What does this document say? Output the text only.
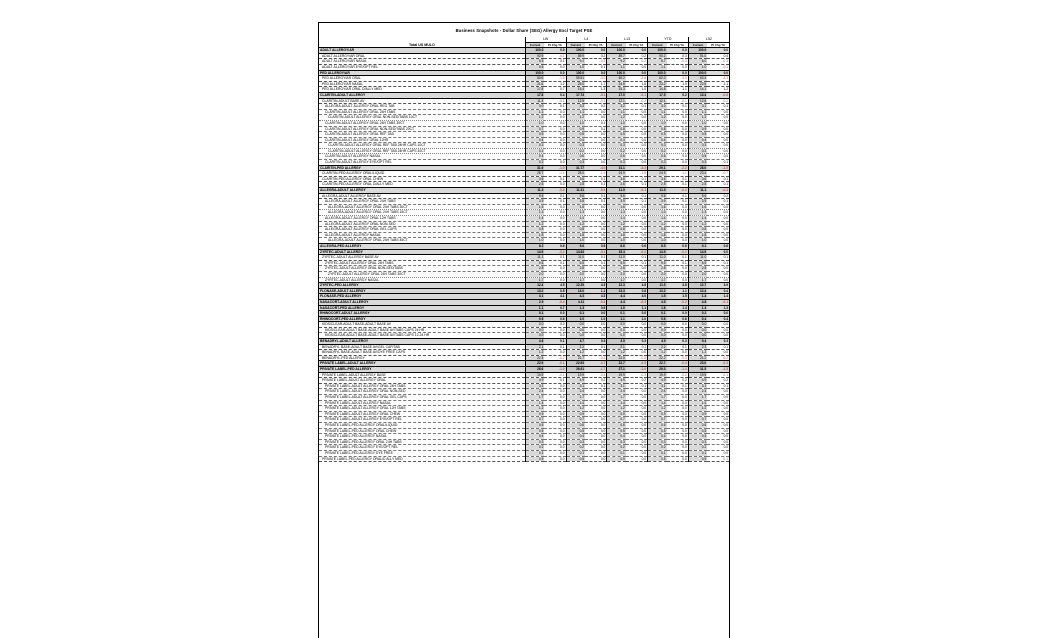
Business Snapshots - Dollar Share (SEG) Allergy Excl Target PSE
Total US MULO	LW		L4		L13		YTD		L52	
	Current	Pt Chg YA	Current	Pt Chg YA	Current	Pt Chg YA	Current	Pt Chg YA	Current	Pt Chg YA
ADULT ALLERGY/AR	100.0	0.0	100.0	0.0	100.0	0.0	100.0	0.0	100.0	0.0
ADULT ALLERGY/AR ORAL	92.9	-0.1	89.9	0.2	89.7	0.2	90.2	0.3	91.0	0.4
ADULT ALLERGY/AR NASAL	6.5	0.1	9.1	-0.3	9.2	-0.2	8.7	-0.3	8.0	-0.3
ADULT ALLERGY/AR EYE/OPT REL	0.6	0.0	1.0	0.1	1.1	0.0	1.1	0.0	1.0	-0.1
PED ALLERGY/AR	100.0	0.0	100.0	0.0	100.0	0.0	100.0	0.0	100.0	0.0
PED ALLERGY/AR ORAL	60.6	-1.9	59.61	-3.0	60.2	-2.6	62.0	-3.0	63.4	-3.3
PED ALLERGY/AR NASAL	21.6	1.2	25.0	1.7	24.5	1.6	23.2	1.9	22.5	2.1
PED ALLERGY/AR ORAL D/ALLY MED	17.8	0.7	15.4	1.3	15.3	1.0	14.8	1.1	14.1	1.2
CLARITIN-ADULT ALLERGY	17.8	0.4	17.73	-0.1	17.0	-0.1	17.5	0.2	13.4	-0.6
CLARITIN-ADULT BASE AV	11.4	-0.1	12.5	-0.1	12.1	-0.2	12.1	-0.1	12.6	-0.2
ALLEGRA-ADULT ALLERGY ORAL REG TAB	3.0	0.1	3.3	0.2	3.2	0.1	3.0	0.1	3.1	0.1
CLARITIN-ADULT ALLERGY ORAL 24H TABS	1.1	0.0	1.1	0.0	1.1	0.0	1.1	0.0	1.1	0.0
CLARITIN-ADULT ALLERGY ORAL NON-SED/TABS 10CT	1.2	0.0	1.2	0.0	1.2	0.0	1.2	0.0	1.2	0.0
CLARITIN-ADULT ALLERGY ORAL 24H TABS 30CT	1.0	0.0	1.0	0.1	1.0	0.0	1.0	0.0	1.0	0.0
CLARITIN-ADULT ALLERGY ORAL NON-SED/TABS 20CT	0.7	0.0	0.9	0.1	0.8	0.0	0.8	0.0	0.9	0.0
CLARITIN-ADULT ALLERGY ORAL REF TAB	0.5	0.0	0.5	0.0	0.5	0.0	0.5	0.0	0.5	0.0
CLARITIN-ADULT ALLERGY ORAL 12HR	0.4	0.0	0.4	0.0	0.4	0.0	0.4	0.0	0.4	0.0
CLARITIN-ADULT ALLERGY ORAL REF TAB 24HR CAPS 10CT	0.3	0.0	0.3	0.0	0.3	0.0	0.3	0.0	0.3	0.0
CLARITIN-ADULT ALLERGY ORAL REF TAB 24HR CAPS 30CT	0.2	0.0	0.2	0.0	0.2	0.0	0.2	0.0	0.2	0.0
CLARITIN-ADULT ALLERGY NASAL	0.4	0.0	0.6	0.0	0.6	0.0	0.6	0.0	0.5	0.0
CLARITIN-ADULT ALLERGY EYE/OPT REL	0.2	0.0	0.3	0.0	0.3	0.0	0.3	0.0	0.3	0.1
CLARITIN-PED ALLERGY	31.9	-1.0	31.77	-4.0	31.1	-3.3	29.1	-2.2	28.0	-1.5
CLARITIN-PED ALLERGY ORAL/LIQUID	25.7	-1.1	25.0	-1.1	24.9	-1.8	24.5	-1.1	23.4	-0.7
CLARITIN-PED ALLERGY ORAL CHEW	3.6	0.1	3.6	0.1	3.6	0.1	3.6	0.1	3.6	0.1
CLARITIN-PED ALLERGY ORAL D/ALLY MED	2.6	0.0	2.8	0.1	2.6	0.1	2.5	0.1	2.5	0.1
ALLEGRA-ADULT ALLERGY	11.3	-0.3	11.31	-0.3	11.9	-0.1	11.9	-0.2	11.1	-0.3
ALLEGRA-ADULT ALLERGY BASE AV	9.6	0.1	9.6	0.1	9.6	0.1	9.6	0.1	9.6	0.2
ALLEGRA-ADULT ALLERGY ORAL 24H TABS	3.9	0.1	3.8	0.1	3.9	0.1	3.9	0.1	3.9	0.1
ALLEGRA-ADULT ALLERGY ORAL 24H TABS 30CT	1.6	0.0	1.6	0.0	1.6	0.0	1.6	0.0	1.6	0.0
ALLEGRA-ADULT ALLERGY ORAL 24H TABS 15CT	1.3	0.0	1.3	0.0	1.3	0.0	1.3	0.0	1.3	0.0
ALLEGRA-ADULT ALLERGY ORAL 12H TABS	1.4	0.0	1.4	0.0	1.4	0.0	1.4	0.0	1.4	0.0
ALLEGRA-ADULT ALLERGY ORAL NON-SED	1.2	0.0	1.2	0.0	1.2	0.0	1.2	0.0	1.2	0.0
ALLEGRA-ADULT ALLERGY ORAL GEL CAPS	0.8	0.0	0.8	0.0	0.8	0.0	0.8	0.0	0.8	0.0
ALLEGRA-ADULT ALLERGY NASAL	1.8	0.0	1.8	0.0	1.8	0.0	1.8	0.0	1.8	0.0
ALLEGRA-ADULT ALLERGY ORAL 24H TABS 45CT	1.0	0.0	1.0	0.0	1.0	0.0	1.0	0.0	1.0	0.0
ALLEGRA-PED ALLERGY	8.2	0.6	9.6	0.6	8.6	0.6	8.5	0.6	9.1	0.6
ZYRTEC-ADULT ALLERGY	14.9	-0.2	14.63	-0.1	15.4	-0.2	14.9	-0.1	14.9	0.0
ZYRTEC-ADULT ALLERGY BASE AV	11.1	0.1	11.0	0.1	11.0	0.1	11.0	0.1	11.0	0.1
ZYRTEC-ADULT ALLERGY ORAL 24H TABS	5.6	0.1	5.5	0.1	5.5	0.1	5.5	0.1	5.5	0.1
ZYRTEC-ADULT ALLERGY ORAL NON-SED/TABS	2.8	0.0	2.8	0.0	2.8	0.0	2.8	0.0	2.8	0.0
ZYRTEC-ADULT ALLERGY ORAL 24H TABS 30CT	2.0	0.0	2.0	0.0	2.0	0.0	2.0	0.0	2.0	0.0
ZYRTEC-ADULT ALLERGY NASAL	1.7	0.0	1.7	0.0	1.7	0.0	1.7	0.0	1.7	0.0
ZYRTEC-PED ALLERGY	12.4	4.5	12.25	4.3	12.3	4.8	11.5	4.8	12.7	3.9
FLONASE-ADULT ALLERGY	13.2	0.5	13.0	1.1	13.3	0.8	13.2	1.1	12.4	0.4
FLONASE-PED ALLERGY	4.1	4.1	4.3	4.3	4.4	4.0	1.5	1.5	1.4	1.4
NASACORT-ADULT ALLERGY	2.9	-0.4	4.11	-0.3	4.4	-0.3	4.5	-0.2	4.8	-0.1
NASACORT-PED ALLERGY	1.1	0.7	1.3	0.9	1.0	1.1	1.6	1.4	1.4	1.3
RHINOCORT-ADULT ALLERGY	0.1	0.0	0.1	0.0	0.1	0.0	0.1	0.0	0.2	0.0
RHINOCORT-PED ALLERGY	0.6	0.6	1.0	1.0	1.1	1.0	0.6	0.6	0.4	0.4
KIDS/CLEAR-ADULT BASE-ADULT BASE AV	0.0	0.0	0.0	0.0	0.0	0.0	0.0	0.0	0.0	0.0
KIDS/CLEAR-ADULT BASE-ADULT BASE AV/TABS CAPS 24 HR	0.0	0.0	0.0	0.0	0.0	0.0	0.0	0.0	0.0	0.0
KIDS/CLEAR-ADULT BASE-ADULT BASE AV/TABS CAPS 12-24 HR	0.0	0.0	0.0	0.0	0.0	0.0	0.0	0.0	0.0	0.0
BENADRYL-ADULT ALLERGY	4.6	0.1	4.7	0.3	4.5	0.3	4.9	0.3	5.4	0.3
BENADRYL BASE-ADULT BASE AV/GEL CAP/TAB	2.1	0.1	2.2	0.1	2.1	0.1	2.2	0.1	2.3	0.1
BENADRYL BASE-ADULT BASE AV/DYE FREE CAPS	1.2	0.0	1.2	0.0	1.2	0.0	1.2	0.0	1.2	0.0
BENADRYL-PED ALLERGY	22.3	-0.2	22.7	-0.4	22.5	-0.5	22.2	-0.3	21.2	-0.2
PRIVATE LABEL-ADULT ALLERGY	22.9	-0.1	22.63	-0.7	22.7	-0.5	22.7	-0.4	23.0	-0.3
PRIVATE LABEL-PED ALLERGY	26.6	-1.0	26.61	-1.7	27.1	-1.0	29.3	-1.4	31.5	-1.5
PRIVATE LABEL-ADULT ALLERGY BASE	19.9	-0.1	19.9	-0.4	19.9	-0.3	19.9	-0.2	19.9	-0.1
PRIVATE LABEL-ADULT ALLERGY ORAL	4.9	0.1	4.9	0.2	4.9	0.2	4.9	0.2	4.9	0.2
PRIVATE LABEL-ADULT ALLERGY ORAL 24H TABS	3.1	0.0	3.1	0.1	3.1	0.1	3.1	0.1	3.1	0.1
PRIVATE LABEL-ADULT ALLERGY ORAL NON-SED	2.4	0.0	2.4	0.0	2.4	0.0	2.4	0.0	2.4	0.0
PRIVATE LABEL-ADULT ALLERGY ORAL GEL CAPS	1.7	0.0	1.7	0.0	1.7	0.0	1.7	0.0	1.7	0.0
PRIVATE LABEL-ADULT ALLERGY NASAL	1.4	0.0	1.4	0.0	1.4	0.0	1.4	0.0	1.4	0.0
PRIVATE LABEL-ADULT ALLERGY ORAL 12H TABS	1.2	0.0	1.2	0.0	1.2	0.0	1.2	0.0	1.2	0.0
PRIVATE LABEL-ADULT ALLERGY ORAL CHEW	0.9	0.0	0.9	0.0	0.9	0.0	0.9	0.0	0.9	0.0
PRIVATE LABEL-ADULT ALLERGY EYE/OPT REL	0.7	0.0	0.7	0.0	0.7	0.0	0.7	0.0	0.7	0.0
PRIVATE LABEL-PED ALLERGY ORAL/LIQUID	0.6	0.0	0.6	0.0	0.6	0.0	0.6	0.0	0.6	0.0
PRIVATE LABEL-PED ALLERGY ORAL CHEW	0.5	0.0	0.5	0.0	0.5	0.0	0.5	0.0	0.5	0.0
PRIVATE LABEL-PED ALLERGY NASAL	0.4	0.0	0.4	0.0	0.4	0.0	0.4	0.0	0.4	0.0
PRIVATE LABEL-PED ALLERGY ORAL 24H TABS	0.3	0.0	0.3	0.0	0.3	0.0	0.3	0.0	0.3	0.0
PRIVATE LABEL-PED ALLERGY EYE/OPT REL	0.2	0.0	0.2	0.0	0.2	0.0	0.2	0.0	0.2	0.0
PRIVATE LABEL-PED ALLERGY DYE FREE	0.1	0.0	0.1	0.0	0.1	0.0	0.1	0.0	0.1	0.0
PRIVATE LABEL-PED ALLERGY ORAL/D ALLY MED	0.5	0.0	0.5	0.0	0.5	0.0	0.5	0.0	0.5	-0.1
